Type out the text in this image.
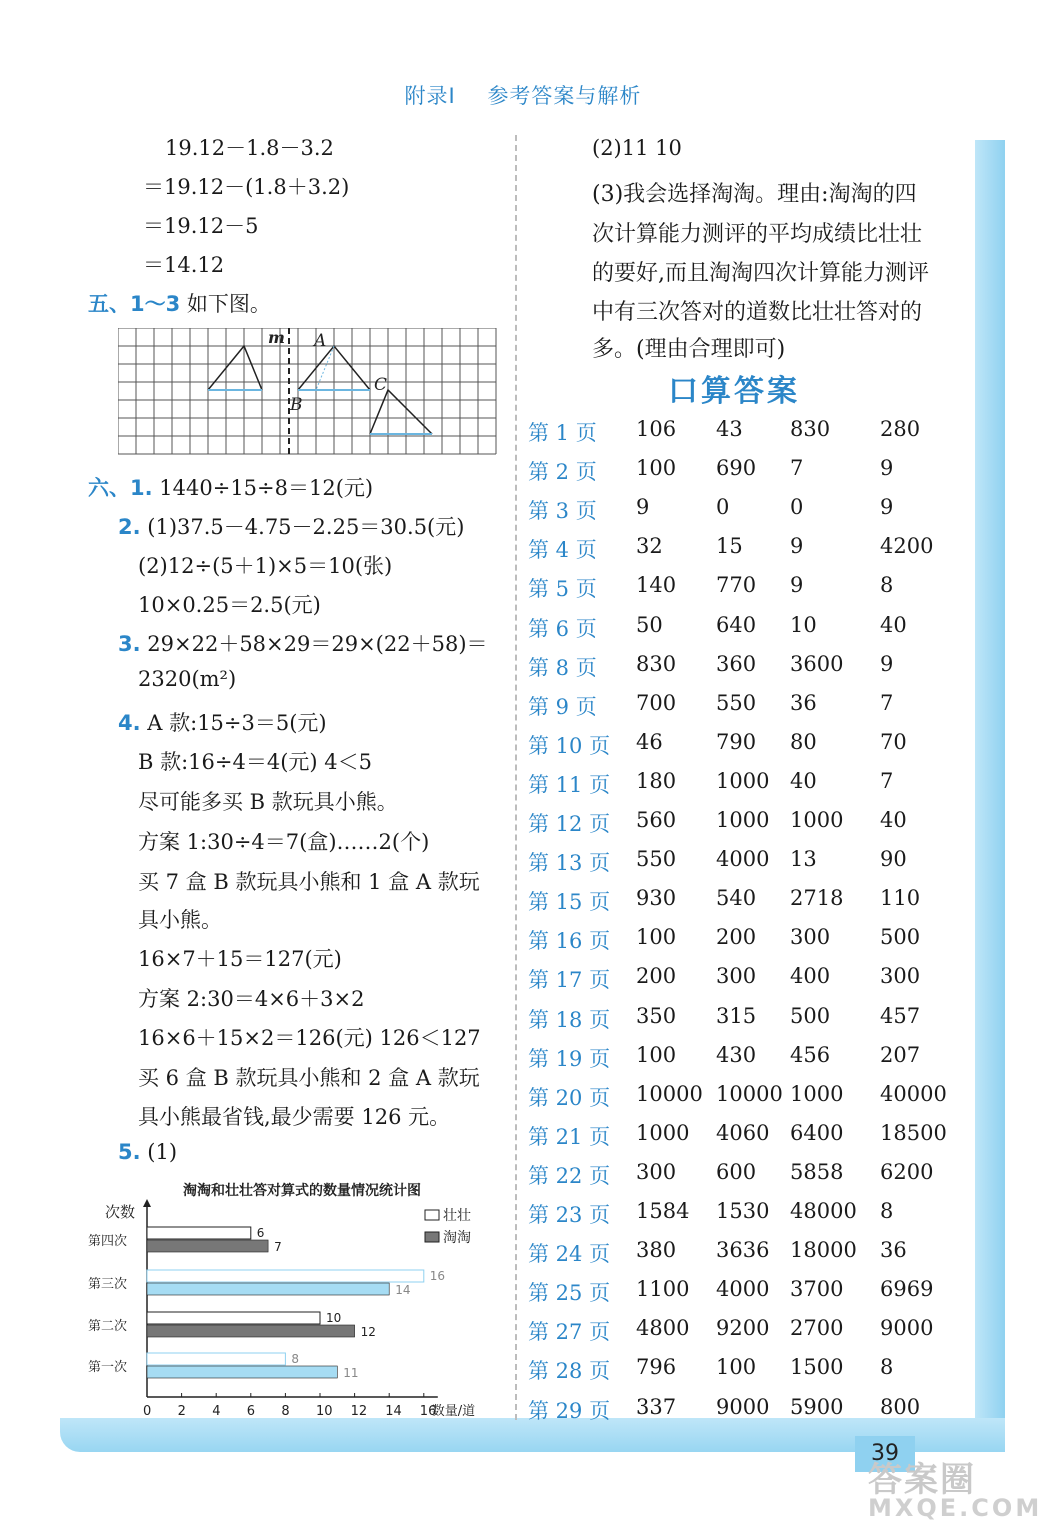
39
答案圈
MXQE.COM
附录Ⅰ 参考答案与解析
19.12－1.8－3.2
＝19.12－(1.8＋3.2)
＝19.12－5
＝14.12
五、1～3 如下图。
m A
B
C
六、1. 1440÷15÷8＝12(元)
2. (1)37.5－4.75－2.25＝30.5(元)
(2)12÷(5＋1)×5＝10(张)
10×0.25＝2.5(元)
3. 29×22＋58×29＝29×(22＋58)＝
2320(m²)
4. A 款:15÷3＝5(元)
B 款:16÷4＝4(元) 4＜5
尽可能多买 B 款玩具小熊。
方案 1:30÷4＝7(盒)……2(个)
买 7 盒 B 款玩具小熊和 1 盒 A 款玩
具小熊。
16×7＋15＝127(元)
方案 2:30＝4×6＋3×2
16×6＋15×2＝126(元) 126＜127
买 6 盒 B 款玩具小熊和 2 盒 A 款玩
具小熊最省钱,最少需要 126 元。
5. (1)
淘淘和壮壮答对算式的数量情况统计图
次数
0 2 4 6 8 10 12 14 16
数量/道
壮壮
淘淘
第四次
6
7
第三次
16
14
第二次
10
12
第一次
8
11
(2)11 10
(3)我会选择淘淘。理由:淘淘的四
次计算能力测评的平均成绩比壮壮
的要好,而且淘淘四次计算能力测评
中有三次答对的道数比壮壮答对的
多。(理由合理即可)
口算答案
第 1 页 106 43 830 280
第 2 页 100 690 7	9
第 3 页 9	0	0	9
第 4 页 32	15 9	4200
第 5 页 140 770 9	8
第 6 页 50	640 10	40
第 8 页 830 360 3600 9
第 9 页 700 550 36	7
第 10 页 46	790 80	70
第 11 页 180 1000 40	7
第 12 页 560 1000 1000 40
第 13 页 550 4000 13	90
第 15 页 930 540 2718 110
第 16 页 100 200 300 500
第 17 页 200 300 400 300
第 18 页 350 315 500 457
第 19 页 100 430 456 207
第 20 页 10000 10000 1000 40000
第 21 页 1000 4060 6400 18500
第 22 页 300 600 5858 6200
第 23 页 1584 1530 48000 8
第 24 页 380 3636 18000 36
第 25 页 1100 4000 3700 6969
第 27 页 4800 9200 2700 9000
第 28 页 796 100 1500 8
第 29 页 337 9000 5900 800
